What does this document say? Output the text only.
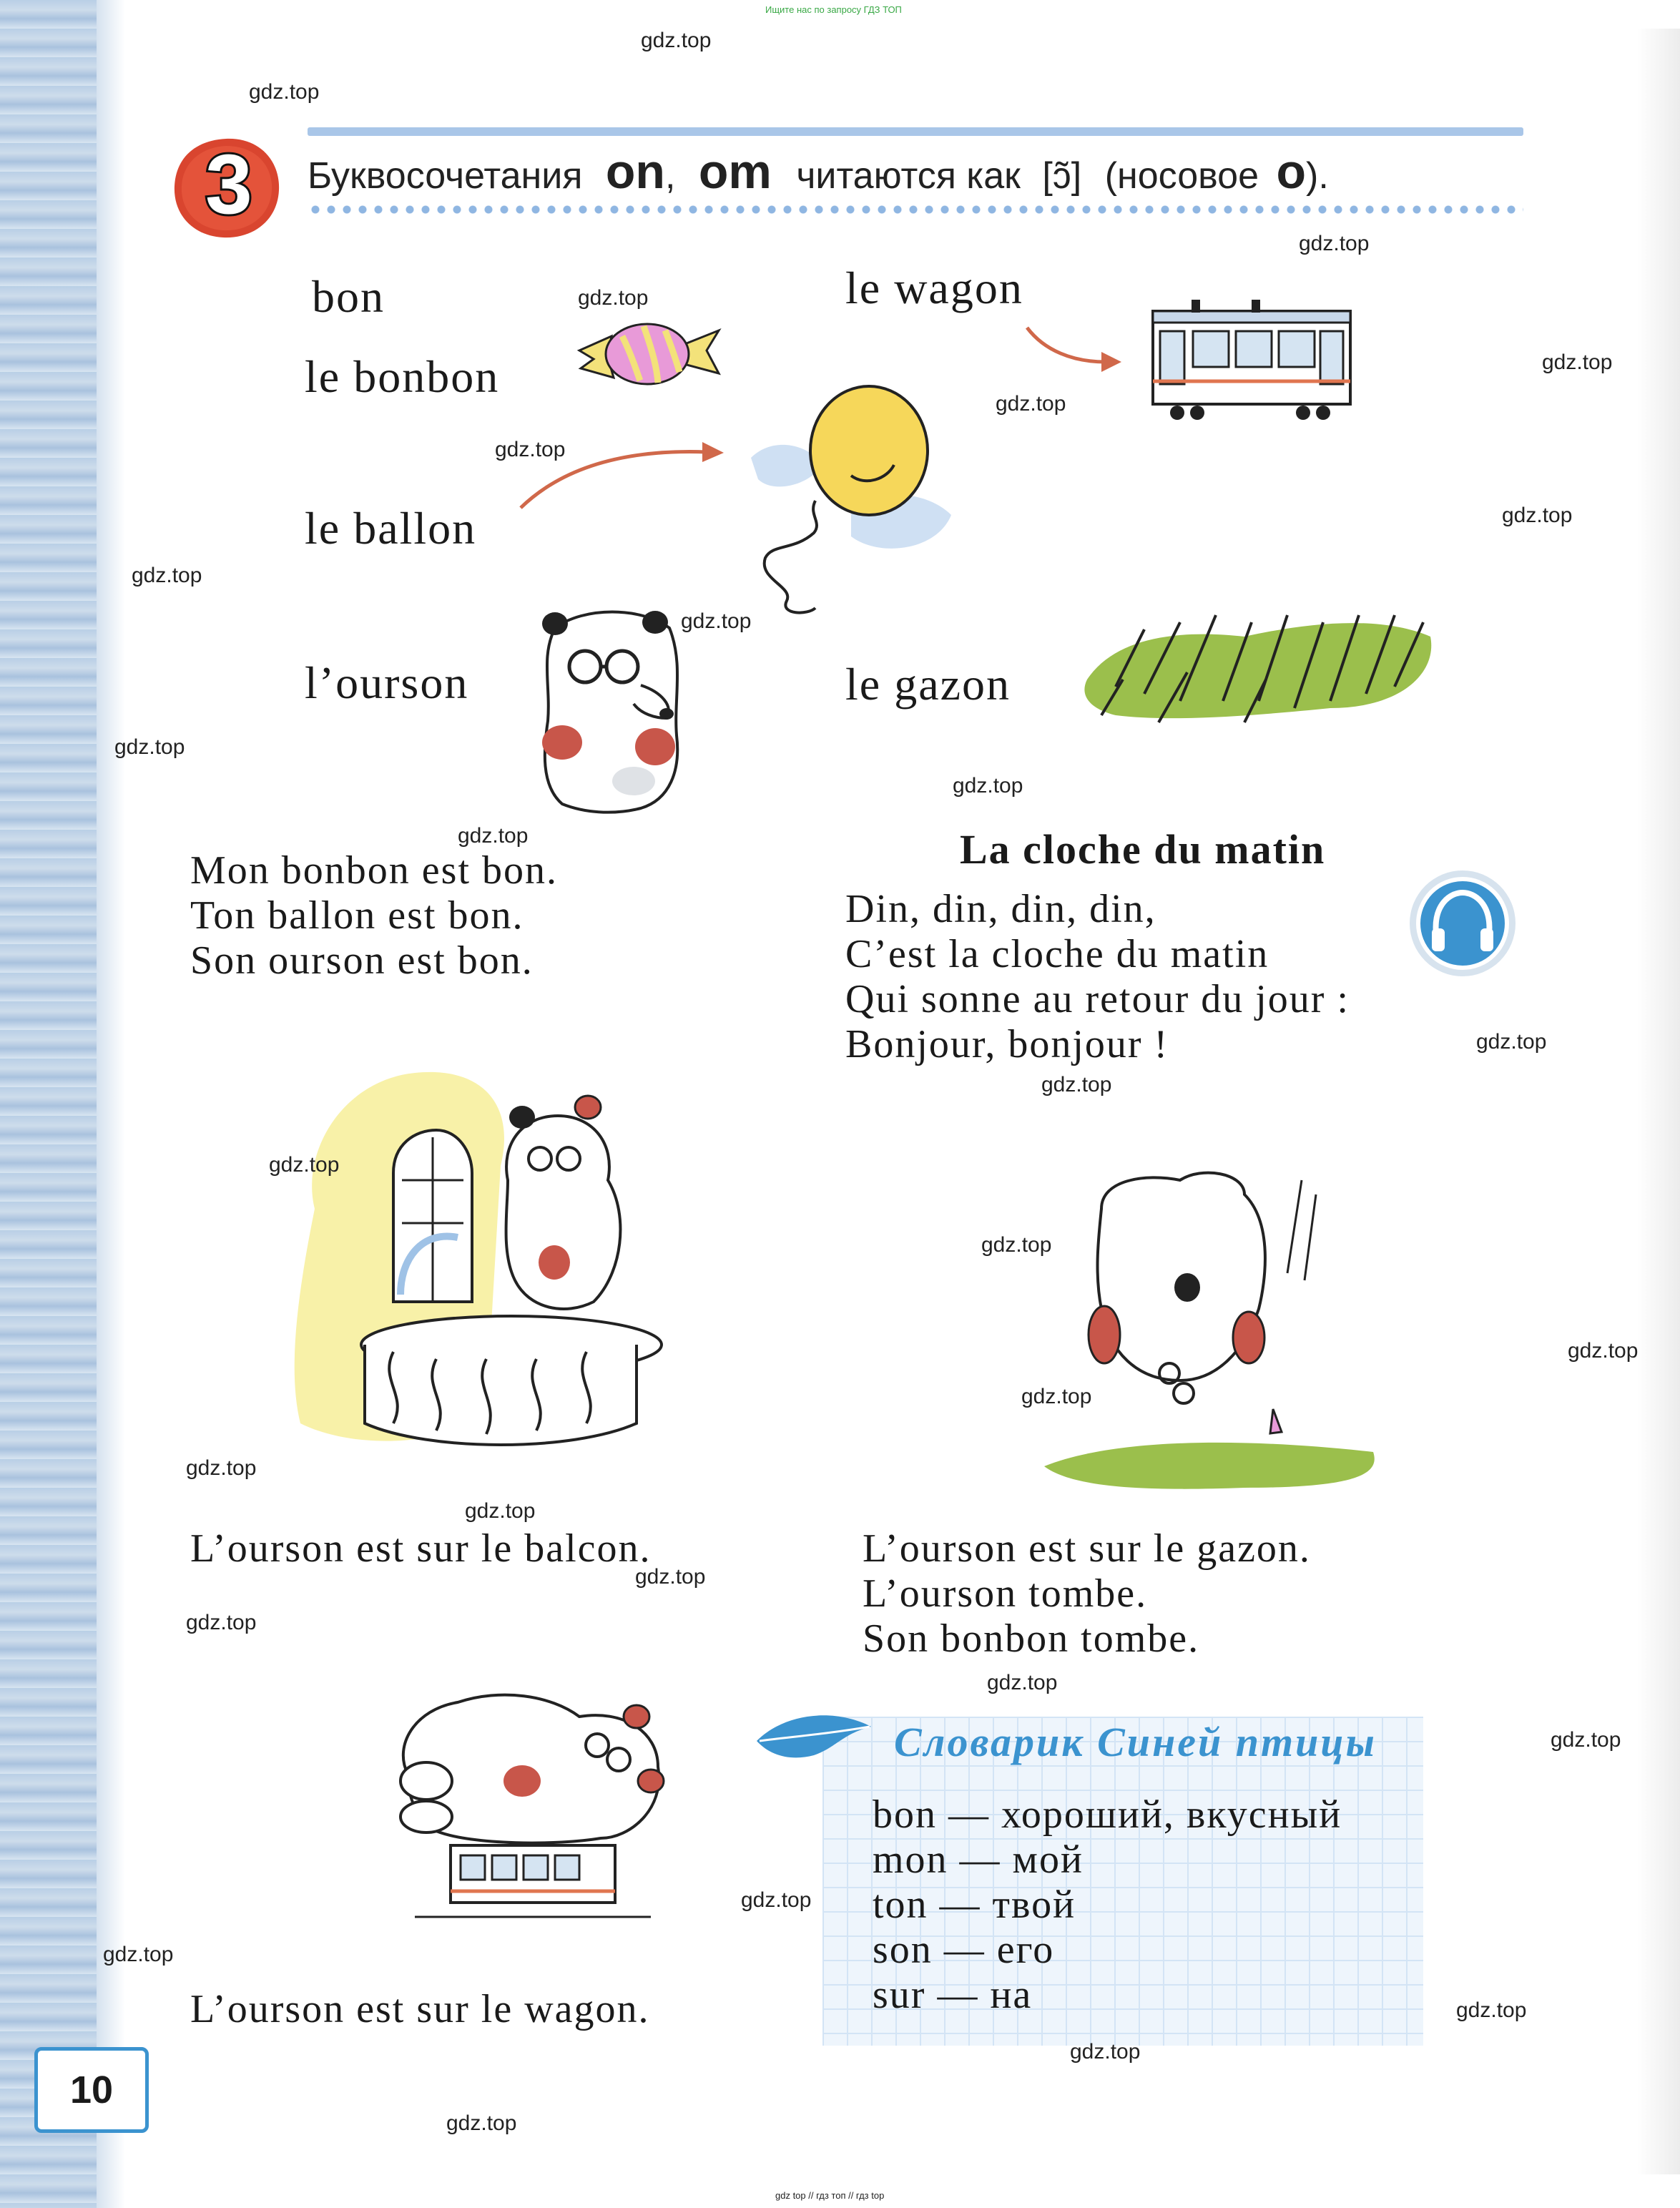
Ищите нас по запросу ГДЗ ТОП
3 Буквосочетания on, om читаются как [ɔ̃] (носовое o).
bon
le bonbon
le ballon
l’ourson
le wagon
le gazon
Mon bonbon est bon.
Ton ballon est bon.
Son ourson est bon.
La cloche du matin
Din, din, din, din,
C’est la cloche du matin
Qui sonne au retour du jour :
Bonjour, bonjour !
L’ourson est sur le balcon.	L’ourson est sur le gazon.
L’ourson tombe.
Son bonbon tombe.
L’ourson est sur le wagon.
Словарик Синей птицы
bon — хороший, вкусный
mon — мой
ton — твой
son — его
sur — на
10
gdz.top
gdz.top
gdz.top
gdz.top
gdz.top
gdz.top
gdz.top
gdz.top
gdz.top
gdz.top
gdz.top
gdz.top
gdz.top
gdz.top
gdz.top
gdz.top
gdz.top
gdz.top
gdz.top
gdz.top
gdz.top
gdz.top
gdz.top
gdz.top
gdz.top
gdz.top
gdz.top
gdz.top
gdz.top
gdz.top
gdz top // гдз топ // гдз top
